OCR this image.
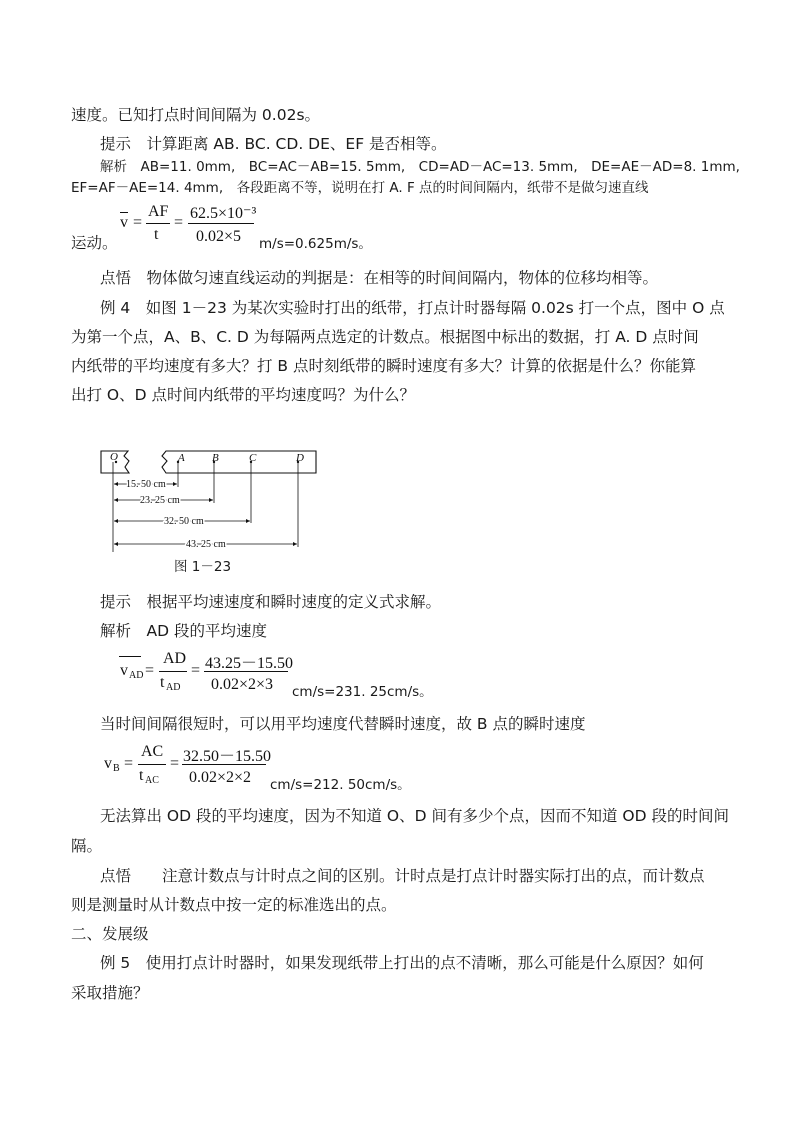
速度。已知打点时间间隔为 0.02s。
提示　计算距离 AB. BC. CD. DE、EF 是否相等。
解析　AB=11. 0mm,　BC=AC－AB=15. 5mm,　CD=AD－AC=13. 5mm,　DE=AE－AD=8. 1mm,
EF=AF－AE=14. 4mm,　各段距离不等，说明在打 A. F 点的时间间隔内，纸带不是做匀速直线
运动。
v =
AF
t
=
62.5×10⁻³
0.02×5 m/s=0.625m/s。
点悟　物体做匀速直线运动的判据是：在相等的时间间隔内，物体的位移均相等。
例 4　如图 1－23 为某次实验时打出的纸带，打点计时器每隔 0.02s 打一个点，图中 O 点
为第一个点，A、B、C. D 为每隔两点选定的计数点。根据图中标出的数据，打 A. D 点时间
内纸带的平均速度有多大？打 B 点时刻纸带的瞬时速度有多大？计算的依据是什么？你能算
出打 O、D 点时间内纸带的平均速度吗？为什么？
O	A B	C	D
15. 50 cm
23. 25 cm
32. 50 cm
43. 25 cm
图 1－23
提示　根据平均速速度和瞬时速度的定义式求解。
解析　AD 段的平均速度
v AD =
AD
t AD
= 43.25－15.50
0.02×2×3 cm/s=231. 25cm/s。
当时间间隔很短时，可以用平均速度代替瞬时速度，故 B 点的瞬时速度
v B =
AC
t AC
= 32.50－15.50
0.02×2×2 cm/s=212. 50cm/s。
无法算出 OD 段的平均速度，因为不知道 O、D 间有多少个点，因而不知道 OD 段的时间间
隔。
点悟　　注意计数点与计时点之间的区别。计时点是打点计时器实际打出的点，而计数点
则是测量时从计数点中按一定的标准选出的点。
二、发展级
例 5　使用打点计时器时，如果发现纸带上打出的点不清晰，那么可能是什么原因？如何
采取措施？
